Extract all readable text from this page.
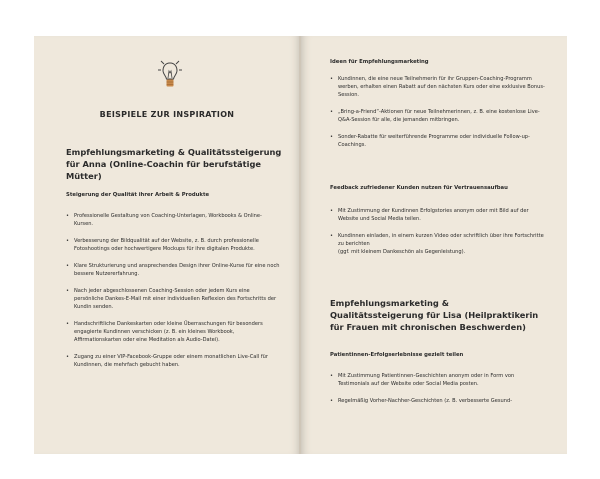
BEISPIELE ZUR INSPIRATION
Empfehlungsmarketing & Qualitätssteigerung für Anna (Online-Coachin für berufstätige Mütter)
Steigerung der Qualität ihrer Arbeit & Produkte
• Professionelle Gestaltung von Coaching-Unterlagen, Workbooks & Online-Kursen.
• Verbesserung der Bildqualität auf der Website, z. B. durch professionelle Fotoshootings oder hochwertigere Mockups für ihre digitalen Produkte.
• Klare Strukturierung und ansprechendes Design ihrer Online-Kurse für eine noch bessere Nutzererfahrung.
• Nach jeder abgeschlossenen Coaching-Session oder jedem Kurs eine persönliche Dankes-E-Mail mit einer individuellen Reflexion des Fortschritts der Kundin senden.
• Handschriftliche Dankeskarten oder kleine Überraschungen für besonders engagierte Kundinnen verschicken (z. B. ein kleines Workbook, Affirmationskarten oder eine Meditation als Audio-Datei).
• Zugang zu einer VIP-Facebook-Gruppe oder einem monatlichen Live-Call für Kundinnen, die mehrfach gebucht haben.
Ideen für Empfehlungsmarketing
• Kundinnen, die eine neue Teilnehmerin für ihr Gruppen-Coaching-Programm werben, erhalten einen Rabatt auf den nächsten Kurs oder eine exklusive Bonus-Session.
• „Bring-a-Friend“-Aktionen für neue Teilnehmerinnen, z. B. eine kostenlose Live-Q&A-Session für alle, die jemanden mitbringen.
• Sonder-Rabatte für weiterführende Programme oder individuelle Follow-up-Coachings.
Feedback zufriedener Kunden nutzen für Vertrauensaufbau
• Mit Zustimmung der Kundinnen Erfolgstories anonym oder mit Bild auf der Website und Social Media teilen.
• Kundinnen einladen, in einem kurzen Video oder schriftlich über ihre Fortschritte zu berichten
(ggf. mit kleinem Dankeschön als Gegenleistung).
Empfehlungsmarketing & Qualitätssteigerung für Lisa (Heilpraktikerin für Frauen mit chronischen Beschwerden)
Patientinnen-Erfolgserlebnisse gezielt teilen
• Mit Zustimmung Patientinnen-Geschichten anonym oder in Form von Testimonials auf der Website oder Social Media posten.
• Regelmäßig Vorher-Nachher-Geschichten (z. B. verbesserte Gesund-
